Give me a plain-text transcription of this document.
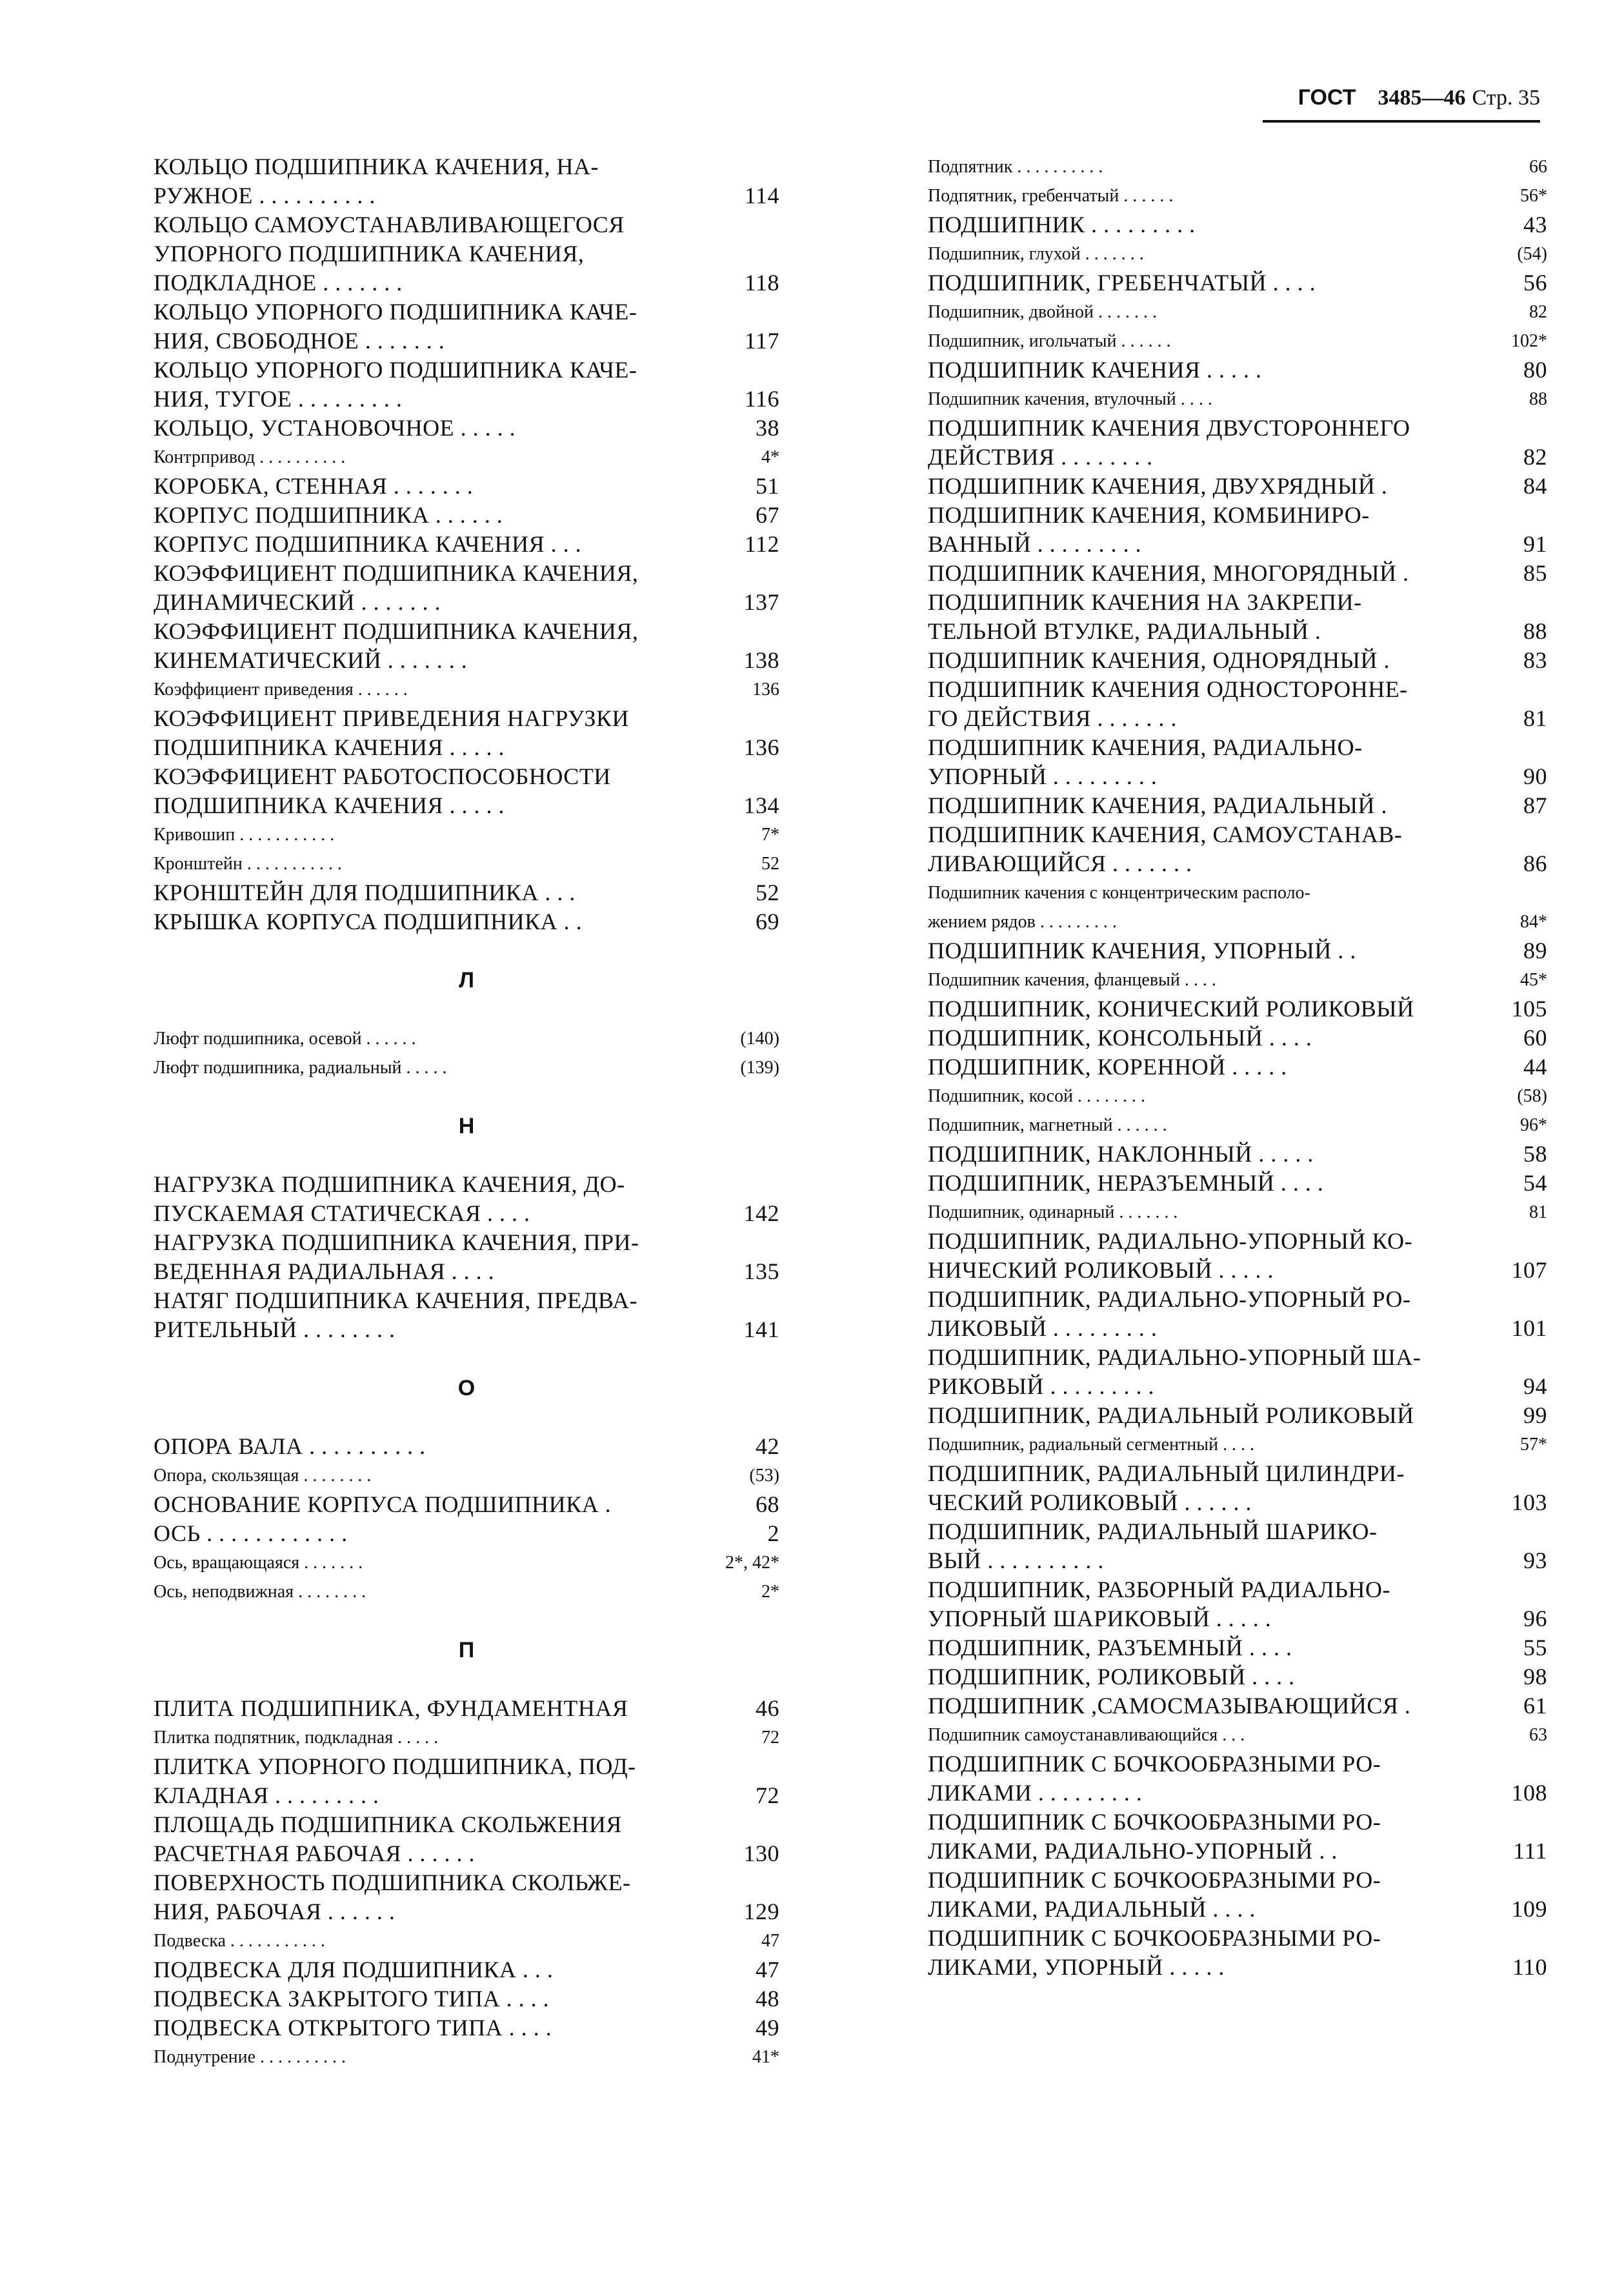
ГОСТ 3485—46 Стр. 35
КОЛЬЦО ПОДШИПНИКА КАЧЕНИЯ, НА-
РУЖНОЕ . . . . . . . . . .	114
КОЛЬЦО САМОУСТАНАВЛИВАЮЩЕГОСЯ
УПОРНОГО ПОДШИПНИКА КАЧЕНИЯ,
ПОДКЛАДНОЕ . . . . . . .	118
КОЛЬЦО УПОРНОГО ПОДШИПНИКА КАЧЕ-
НИЯ, СВОБОДНОЕ . . . . . . .	117
КОЛЬЦО УПОРНОГО ПОДШИПНИКА КАЧЕ-
НИЯ, ТУГОЕ . . . . . . . . .	116
КОЛЬЦО, УСТАНОВОЧНОЕ . . . . .	38
Контрпривод . . . . . . . . . .	4*
КОРОБКА, СТЕННАЯ . . . . . . .	51
КОРПУС ПОДШИПНИКА . . . . . .	67
КОРПУС ПОДШИПНИКА КАЧЕНИЯ . . .	112
КОЭФФИЦИЕНТ ПОДШИПНИКА КАЧЕНИЯ,
ДИНАМИЧЕСКИЙ . . . . . . .	137
КОЭФФИЦИЕНТ ПОДШИПНИКА КАЧЕНИЯ,
КИНЕМАТИЧЕСКИЙ . . . . . . .	138
Коэффициент приведения . . . . . .	136
КОЭФФИЦИЕНТ ПРИВЕДЕНИЯ НАГРУЗКИ
ПОДШИПНИКА КАЧЕНИЯ . . . . .	136
КОЭФФИЦИЕНТ РАБОТОСПОСОБНОСТИ
ПОДШИПНИКА КАЧЕНИЯ . . . . .	134
Кривошип . . . . . . . . . . .	7*
Кронштейн . . . . . . . . . . .	52
КРОНШТЕЙН ДЛЯ ПОДШИПНИКА . . .	52
КРЫШКА КОРПУСА ПОДШИПНИКА . .	69
Л
Люфт подшипника, осевой . . . . . .	(140)
Люфт подшипника, радиальный . . . . .	(139)
Н
НАГРУЗКА ПОДШИПНИКА КАЧЕНИЯ, ДО-
ПУСКАЕМАЯ СТАТИЧЕСКАЯ . . . .	142
НАГРУЗКА ПОДШИПНИКА КАЧЕНИЯ, ПРИ-
ВЕДЕННАЯ РАДИАЛЬНАЯ . . . .	135
НАТЯГ ПОДШИПНИКА КАЧЕНИЯ, ПРЕДВА-
РИТЕЛЬНЫЙ . . . . . . . .	141
О
ОПОРА ВАЛА . . . . . . . . . .	42
Опора, скользящая . . . . . . . .	(53)
ОСНОВАНИЕ КОРПУСА ПОДШИПНИКА .	68
ОСЬ . . . . . . . . . . . .	2
Ось, вращающаяся . . . . . . .	2*, 42*
Ось, неподвижная . . . . . . . .	2*
П
ПЛИТА ПОДШИПНИКА, ФУНДАМЕНТНАЯ	46
Плитка подпятник, подкладная . . . . .	72
ПЛИТКА УПОРНОГО ПОДШИПНИКА, ПОД-
КЛАДНАЯ . . . . . . . . .	72
ПЛОЩАДЬ ПОДШИПНИКА СКОЛЬЖЕНИЯ
РАСЧЕТНАЯ РАБОЧАЯ . . . . . .	130
ПОВЕРХНОСТЬ ПОДШИПНИКА СКОЛЬЖЕ-
НИЯ, РАБОЧАЯ . . . . . .	129
Подвеска . . . . . . . . . . .	47
ПОДВЕСКА ДЛЯ ПОДШИПНИКА . . .	47
ПОДВЕСКА ЗАКРЫТОГО ТИПА . . . .	48
ПОДВЕСКА ОТКРЫТОГО ТИПА . . . .	49
Поднутрение . . . . . . . . . .	41*
Подпятник . . . . . . . . . .	66
Подпятник, гребенчатый . . . . . .	56*
ПОДШИПНИК . . . . . . . . .	43
Подшипник, глухой . . . . . . .	(54)
ПОДШИПНИК, ГРЕБЕНЧАТЫЙ . . . .	56
Подшипник, двойной . . . . . . .	82
Подшипник, игольчатый . . . . . .	102*
ПОДШИПНИК КАЧЕНИЯ . . . . .	80
Подшипник качения, втулочный . . . .	88
ПОДШИПНИК КАЧЕНИЯ ДВУСТОРОННЕГО
ДЕЙСТВИЯ . . . . . . . .	82
ПОДШИПНИК КАЧЕНИЯ, ДВУХРЯДНЫЙ .	84
ПОДШИПНИК КАЧЕНИЯ, КОМБИНИРО-
ВАННЫЙ . . . . . . . . .	91
ПОДШИПНИК КАЧЕНИЯ, МНОГОРЯДНЫЙ .	85
ПОДШИПНИК КАЧЕНИЯ НА ЗАКРЕПИ-
ТЕЛЬНОЙ ВТУЛКЕ, РАДИАЛЬНЫЙ .	88
ПОДШИПНИК КАЧЕНИЯ, ОДНОРЯДНЫЙ .	83
ПОДШИПНИК КАЧЕНИЯ ОДНОСТОРОННЕ-
ГО ДЕЙСТВИЯ . . . . . . .	81
ПОДШИПНИК КАЧЕНИЯ, РАДИАЛЬНО-
УПОРНЫЙ . . . . . . . . .	90
ПОДШИПНИК КАЧЕНИЯ, РАДИАЛЬНЫЙ .	87
ПОДШИПНИК КАЧЕНИЯ, САМОУСТАНАВ-
ЛИВАЮЩИЙСЯ . . . . . . .	86
Подшипник качения с концентрическим располо-
жением рядов . . . . . . . . .	84*
ПОДШИПНИК КАЧЕНИЯ, УПОРНЫЙ . .	89
Подшипник качения, фланцевый . . . .	45*
ПОДШИПНИК, КОНИЧЕСКИЙ РОЛИКОВЫЙ	105
ПОДШИПНИК, КОНСОЛЬНЫЙ . . . .	60
ПОДШИПНИК, КОРЕННОЙ . . . . .	44
Подшипник, косой . . . . . . . .	(58)
Подшипник, магнетный . . . . . .	96*
ПОДШИПНИК, НАКЛОННЫЙ . . . . .	58
ПОДШИПНИК, НЕРАЗЪЕМНЫЙ . . . .	54
Подшипник, одинарный . . . . . . .	81
ПОДШИПНИК, РАДИАЛЬНО-УПОРНЫЙ КО-
НИЧЕСКИЙ РОЛИКОВЫЙ . . . . .	107
ПОДШИПНИК, РАДИАЛЬНО-УПОРНЫЙ РО-
ЛИКОВЫЙ . . . . . . . . .	101
ПОДШИПНИК, РАДИАЛЬНО-УПОРНЫЙ ША-
РИКОВЫЙ . . . . . . . . .	94
ПОДШИПНИК, РАДИАЛЬНЫЙ РОЛИКОВЫЙ	99
Подшипник, радиальный сегментный . . . .	57*
ПОДШИПНИК, РАДИАЛЬНЫЙ ЦИЛИНДРИ-
ЧЕСКИЙ РОЛИКОВЫЙ . . . . . .	103
ПОДШИПНИК, РАДИАЛЬНЫЙ ШАРИКО-
ВЫЙ . . . . . . . . . .	93
ПОДШИПНИК, РАЗБОРНЫЙ РАДИАЛЬНО-
УПОРНЫЙ ШАРИКОВЫЙ . . . . .	96
ПОДШИПНИК, РАЗЪЕМНЫЙ . . . .	55
ПОДШИПНИК, РОЛИКОВЫЙ . . . .	98
ПОДШИПНИК ,САМОСМАЗЫВАЮЩИЙСЯ .	61
Подшипник самоустанавливающийся . . .	63
ПОДШИПНИК С БОЧКООБРАЗНЫМИ РО-
ЛИКАМИ . . . . . . . . .	108
ПОДШИПНИК С БОЧКООБРАЗНЫМИ РО-
ЛИКАМИ, РАДИАЛЬНО-УПОРНЫЙ . .	111
ПОДШИПНИК С БОЧКООБРАЗНЫМИ РО-
ЛИКАМИ, РАДИАЛЬНЫЙ . . . .	109
ПОДШИПНИК С БОЧКООБРАЗНЫМИ РО-
ЛИКАМИ, УПОРНЫЙ . . . . .	110
